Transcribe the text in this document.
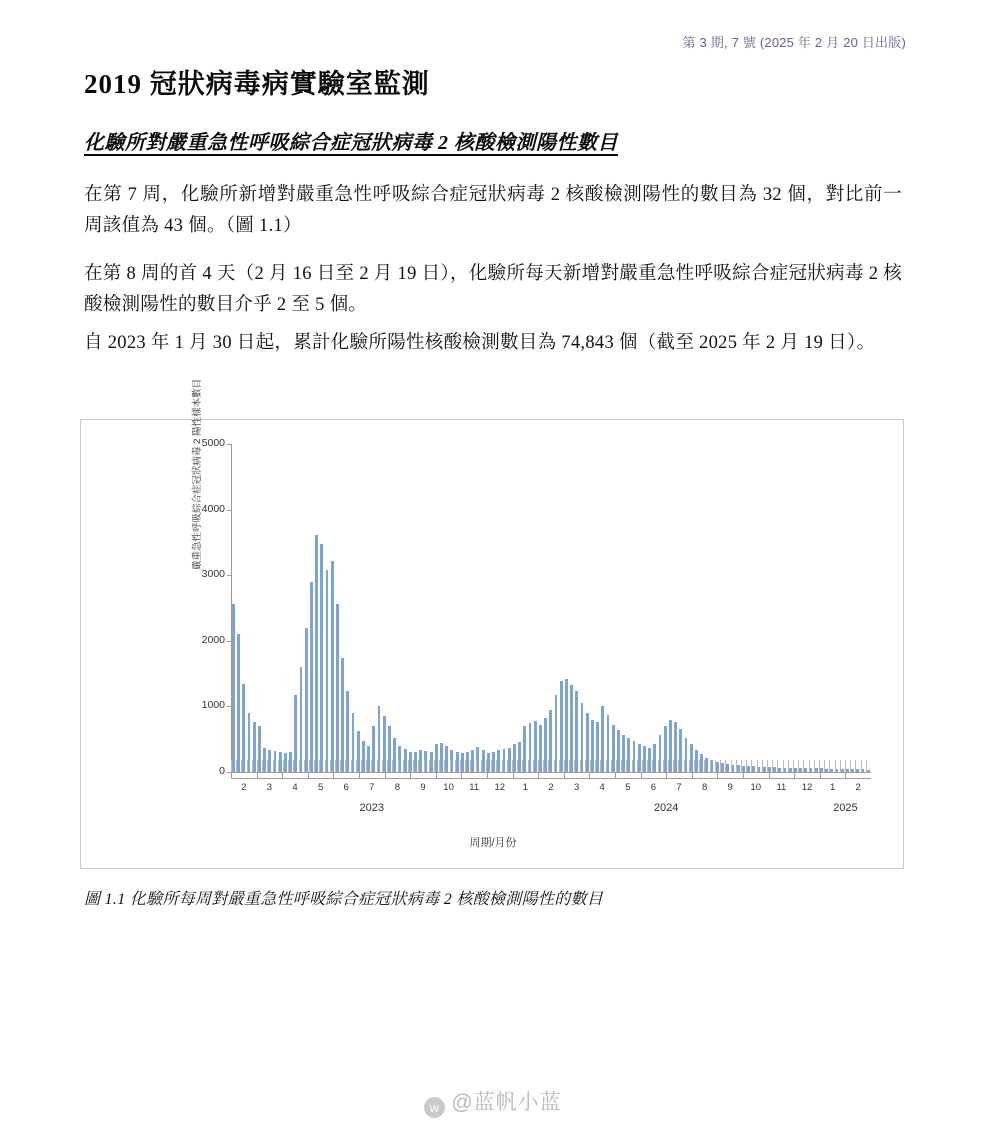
第 3 期, 7 號 (2025 年 2 月 20 日出版)
2019 冠狀病毒病實驗室監測
化驗所對嚴重急性呼吸綜合症冠狀病毒 2 核酸檢測陽性數目
在第 7 周，化驗所新增對嚴重急性呼吸綜合症冠狀病毒 2 核酸檢測陽性的數目為 32 個，對比前一周該值為 43 個。（圖 1.1）
在第 8 周的首 4 天（2 月 16 日至 2 月 19 日），化驗所每天新增對嚴重急性呼吸綜合症冠狀病毒 2 核酸檢測陽性的數目介乎 2 至 5 個。
自 2023 年 1 月 30 日起，累計化驗所陽性核酸檢測數目為 74,843 個（截至 2025 年 2 月 19 日）。
嚴重急性呼吸綜合症冠狀病毒 2 陽性樣本數目
0
1000
2000
3000
4000
5000
2	3	4	5	6	7	8	9	10 11 12	1	2	3	4	5	6	7	8	9	10 11 12	1	2
2023	2024	2025
周期/月份
圖 1.1 化驗所每周對嚴重急性呼吸綜合症冠狀病毒 2 核酸檢測陽性的數目
w @蓝帆小蓝
